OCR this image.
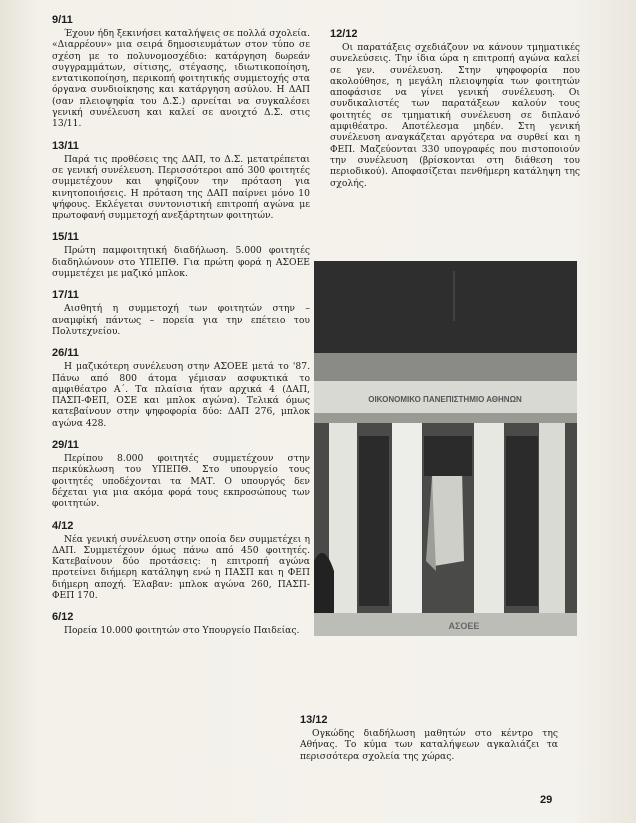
9/11

Έχουν ήδη ξεκινήσει καταλήψεις σε πολλά σχολεία. «Διαρρέουν» μια σειρά δημοσιευμάτων στον τύπο σε σχέση με το πολυνομοσχέδιο: κατάργηση δωρεάν συγγραμμάτων, σίτισης, στέγασης, ιδιωτικοποίηση, εντατικοποίηση, περικοπή φοιτητικής συμμετοχής στα όργανα συνδιοίκησης και κατάργηση ασύλου. Η ΔΑΠ (σαν πλειοψηφία του Δ.Σ.) αρνείται να συγκαλέσει γενική συνέλευση και καλεί σε ανοιχτό Δ.Σ. στις 13/11.

13/11

Παρά τις προθέσεις της ΔΑΠ, το Δ.Σ. μετατρέπεται σε γενική συνέλευση. Περισσότεροι από 300 φοιτητές συμμετέχουν και ψηφίζουν την πρόταση για κινητοποιήσεις. Η πρόταση της ΔΑΠ παίρνει μόνο 10 ψήφους. Εκλέγεται συντονιστική επιτροπή αγώνα με πρωτοφανή συμμετοχή ανεξάρτητων φοιτητών.

15/11

Πρώτη παμφοιτητική διαδήλωση. 5.000 φοιτητές διαδηλώνουν στο ΥΠΕΠΘ. Για πρώτη φορά η ΑΣΟΕΕ συμμετέχει με μαζικό μπλοκ.

17/11

Αισθητή η συμμετοχή των φοιτητών στην – αναμφίκή πάντως – πορεία για την επέτειο του Πολυτεχνείου.

26/11

Η μαζικότερη συνέλευση στην ΑΣΟΕΕ μετά το '87. Πάνω από 800 άτομα γέμισαν ασφυκτικά το αμφιθέατρο Α΄. Τα πλαίσια ήταν αρχικά 4 (ΔΑΠ, ΠΑΣΠ-ΦΕΠ, ΟΣΕ και μπλοκ αγώνα). Τελικά όμως κατεβαίνουν στην ψηφοφορία δύο: ΔΑΠ 276, μπλοκ αγώνα 428.

29/11

Περίπου 8.000 φοιτητές συμμετέχουν στην περικύκλωση του ΥΠΕΠΘ. Στο υπουργείο τους φοιτητές υποδέχονται τα ΜΑΤ. Ο υπουργός δεν δέχεται για μια ακόμα φορά τους εκπροσώπους των φοιτητών.

4/12

Νέα γενική συνέλευση στην οποία δεν συμμετέχει η ΔΑΠ. Συμμετέχουν όμως πάνω από 450 φοιτητές. Κατεβαίνουν δύο προτάσεις: η επιτροπή αγώνα προτείνει διήμερη κατάληψη ενώ η ΠΑΣΠ και η ΦΕΠ διήμερη αποχή. Έλαβαν: μπλοκ αγώνα 260, ΠΑΣΠ-ΦΕΠ 170.

6/12

Πορεία 10.000 φοιτητών στο Υπουργείο Παιδείας.

12/12

Οι παρατάξεις σχεδιάζουν να κάνουν τμηματικές συνελεύσεις. Την ίδια ώρα η επιτροπή αγώνα καλεί σε γεν. συνέλευση. Στην ψηφοφορία που ακολούθησε, η μεγάλη πλειοψηφία των φοιτητών αποφάσισε να γίνει γενική συνέλευση. Οι συνδικαλιστές των παρατάξεων καλούν τους φοιτητές σε τμηματική συνέλευση σε διπλανό αμφιθέατρο. Αποτέλεσμα μηδέν. Στη γενική συνέλευση αναγκάζεται αργότερα να συρθεί και η ΦΕΠ. Μαζεύονται 330 υπογραφές που πιστοποιούν την συνέλευση (βρίσκονται στη διάθεση του περιοδικού). Αποφασίζεται πενθήμερη κατάληψη της σχολής.

ΟΙΚΟΝΟΜΙΚΟ ΠΑΝΕΠΙΣΤΗΜΙΟ ΑΘΗΝΩΝ
ΑΣΟΕΕ
13/12

Ογκώδης διαδήλωση μαθητών στο κέντρο της Αθήνας. Το κύμα των καταλήψεων αγκαλιάζει τα περισσότερα σχολεία της χώρας.

29
